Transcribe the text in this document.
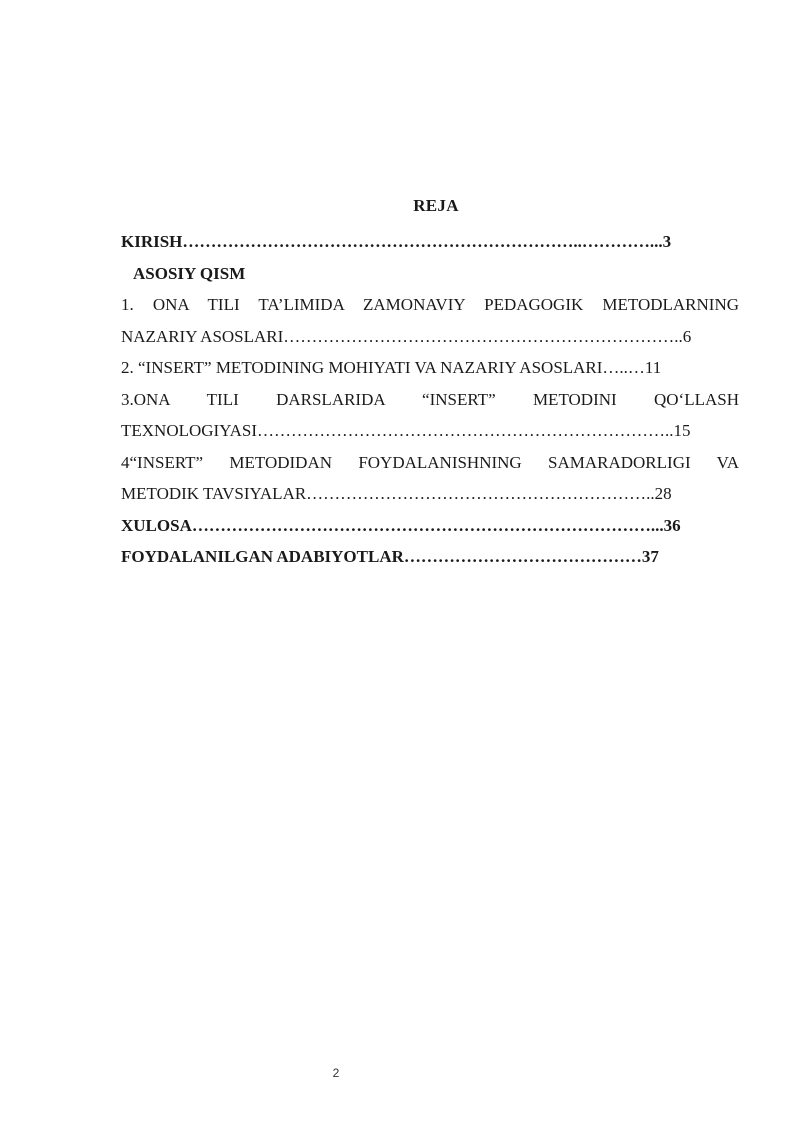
REJA
KIRISH……………………………………………………………..…………...3
ASOSIY QISM
1. ONA TILI TA’LIMIDA ZAMONAVIY PEDAGOGIK METODLARNING
NAZARIY ASOSLARI……………………………………………………………..6
2. “INSERT” METODINING MOHIYATI VA NAZARIY ASOSLARI…..…11
3.ONA TILI DARSLARIDA “INSERT” METODINI QO‘LLASH
TEXNOLOGIYASI………………………………………………………………..15
4“INSERT” METODIDAN FOYDALANISHNING SAMARADORLIGI VA
METODIK TAVSIYALAR……………………………………………………..28
XULOSA………………………………………………………………………...36
FOYDALANILGAN ADABIYOTLAR……………………………………37
2
